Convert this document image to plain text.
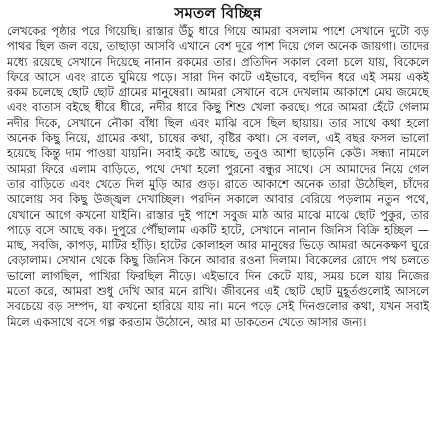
সমতল বিচ্ছিন্ন

লেখকের পৃষ্ঠার পরে গিয়েছি। রাস্তার উঁচু ধারে গিয়ে আমরা বসলাম পাশে সেখানে দুটো বড় পাথর ছিল জল বয়ে, তাছাড়া আসবি এখানে বেশ দূরে পাশ দিয়ে গেল অনেক জায়গা। তাদের মধ্যে রয়েছে সেখানে দিয়েছে নানান রকমের তার। প্রতিদিন সকাল বেলা চলে যায়, বিকেলে ফিরে আসে এবং রাতে ঘুমিয়ে পড়ে। সারা দিন কাটে এইভাবে, বহুদিন ধরে এই সময় একই রকম চলেছে ছোট ছোট গ্রামের মানুষেরা। আমরা সেখানে বসে দেখলাম আকাশে মেঘ জমেছে এবং বাতাস বইছে ধীরে ধীরে, নদীর ধারে কিছু শিশু খেলা করছে। পরে আমরা হেঁটে গেলাম নদীর দিকে, সেখানে নৌকা বাঁধা ছিল এবং মাঝি বসে ছিল ছায়ায়। তার সাথে কথা হলো অনেক কিছু নিয়ে, গ্রামের কথা, চাষের কথা, বৃষ্টির কথা। সে বলল, এই বছর ফসল ভালো হয়েছে কিন্তু দাম পাওয়া যায়নি। সবাই কষ্টে আছে, তবুও আশা ছাড়েনি কেউ। সন্ধ্যা নামলে আমরা ফিরে এলাম বাড়িতে, পথে দেখা হলো পুরনো বন্ধুর সাথে। সে আমাদের নিয়ে গেল তার বাড়িতে এবং খেতে দিল মুড়ি আর গুড়। রাতে আকাশে অনেক তারা উঠেছিল, চাঁদের আলোয় সব কিছু উজ্জ্বল দেখাচ্ছিল। পরদিন সকালে আবার বেরিয়ে পড়লাম নতুন পথে, যেখানে আগে কখনো যাইনি। রাস্তার দুই পাশে সবুজ মাঠ আর মাঝে মাঝে ছোট পুকুর, তার পাড়ে বসে আছে বক। দুপুরে পৌঁছালাম একটি হাটে, সেখানে নানান জিনিস বিক্রি হচ্ছিল — মাছ, সবজি, কাপড়, মাটির হাঁড়ি। হাটের কোলাহল আর মানুষের ভিড়ে আমরা অনেকক্ষণ ঘুরে বেড়ালাম। সেখান থেকে কিছু জিনিস কিনে আবার রওনা দিলাম। বিকেলের রোদে পথ চলতে ভালো লাগছিল, পাখিরা ফিরছিল নীড়ে। এইভাবে দিন কেটে যায়, সময় চলে যায় নিজের মতো করে, আমরা শুধু দেখি আর মনে রাখি। জীবনের এই ছোট ছোট মুহূর্তগুলোই আসলে সবচেয়ে বড় সম্পদ, যা কখনো হারিয়ে যায় না। মনে পড়ে সেই দিনগুলোর কথা, যখন সবাই মিলে একসাথে বসে গল্প করতাম উঠোনে, আর মা ডাকতেন খেতে আসার জন্য।
